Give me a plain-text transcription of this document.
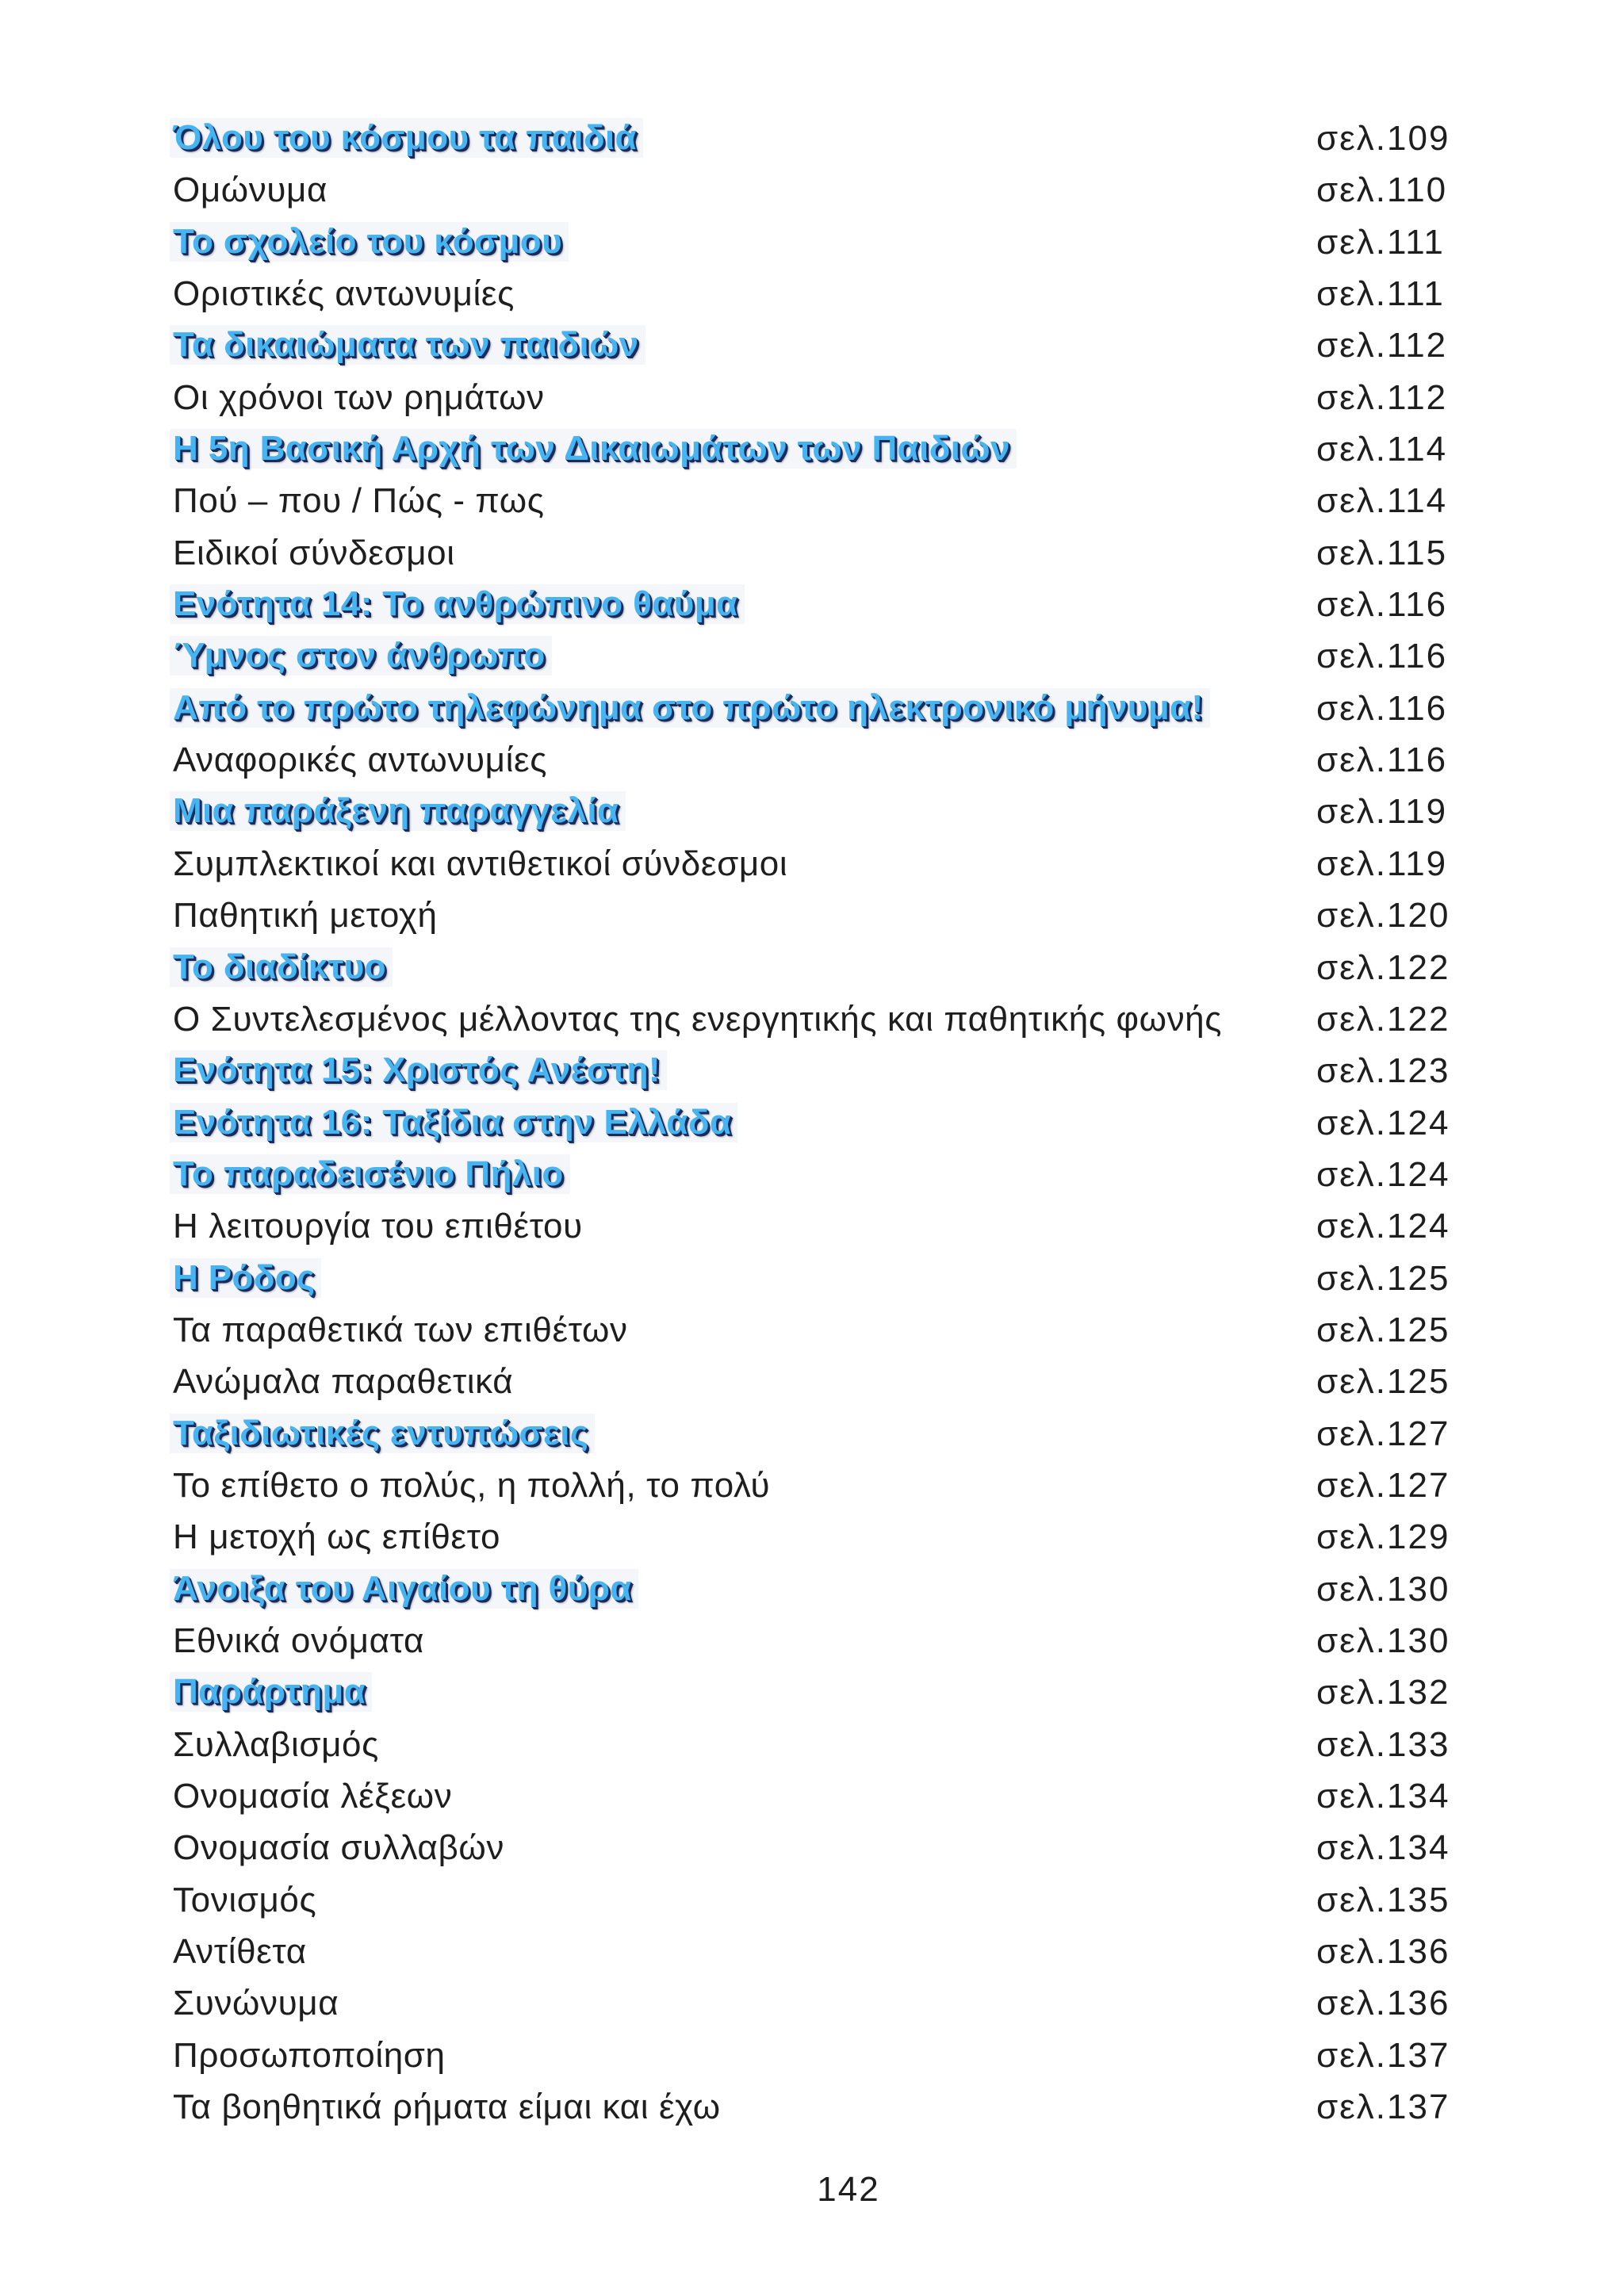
Όλου του κόσμου τα παιδιά	σελ.109
Ομώνυμα	σελ.110
Το σχολείο του κόσμου	σελ.111
Οριστικές αντωνυμίες	σελ.111
Τα δικαιώματα των παιδιών	σελ.112
Οι χρόνοι των ρημάτων	σελ.112
Η 5η Βασική Αρχή των Δικαιωμάτων των Παιδιών	σελ.114
Πού – που / Πώς - πως	σελ.114
Ειδικοί σύνδεσμοι	σελ.115
Ενότητα 14: Το ανθρώπινο θαύμα	σελ.116
Ύμνος στον άνθρωπο	σελ.116
Από το πρώτο τηλεφώνημα στο πρώτο ηλεκτρονικό μήνυμα!	σελ.116
Αναφορικές αντωνυμίες	σελ.116
Μια παράξενη παραγγελία	σελ.119
Συμπλεκτικοί και αντιθετικοί σύνδεσμοι	σελ.119
Παθητική μετοχή	σελ.120
Το διαδίκτυο	σελ.122
Ο Συντελεσμένος μέλλοντας της ενεργητικής και παθητικής φωνής	σελ.122
Ενότητα 15: Χριστός Ανέστη!	σελ.123
Ενότητα 16: Ταξίδια στην Ελλάδα	σελ.124
Το παραδεισένιο Πήλιο	σελ.124
Η λειτουργία του επιθέτου	σελ.124
Η Ρόδος	σελ.125
Τα παραθετικά των επιθέτων	σελ.125
Ανώμαλα παραθετικά	σελ.125
Ταξιδιωτικές εντυπώσεις	σελ.127
Το επίθετο ο πολύς, η πολλή, το πολύ	σελ.127
Η μετοχή ως επίθετο	σελ.129
Άνοιξα του Αιγαίου τη θύρα	σελ.130
Εθνικά ονόματα	σελ.130
Παράρτημα	σελ.132
Συλλαβισμός	σελ.133
Ονομασία λέξεων	σελ.134
Ονομασία συλλαβών	σελ.134
Τονισμός	σελ.135
Αντίθετα	σελ.136
Συνώνυμα	σελ.136
Προσωποποίηση	σελ.137
Τα βοηθητικά ρήματα είμαι και έχω	σελ.137
142
